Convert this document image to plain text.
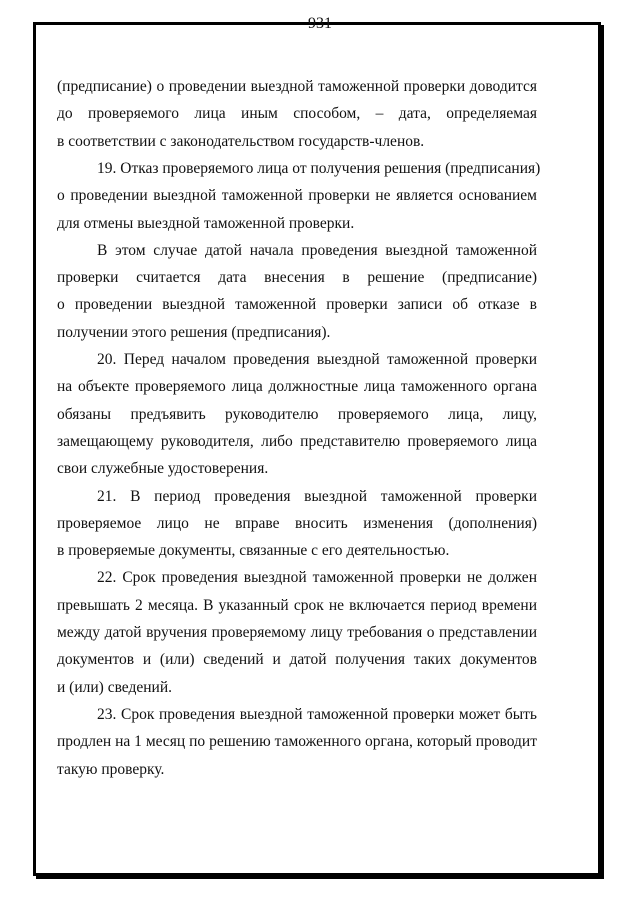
931
(предписание) о проведении выездной таможенной проверки доводится
до проверяемого лица иным способом, – дата, определяемая
в соответствии с законодательством государств-членов.
19. Отказ проверяемого лица от получения решения (предписания)
о проведении выездной таможенной проверки не является основанием
для отмены выездной таможенной проверки.
В этом случае датой начала проведения выездной таможенной
проверки считается дата внесения в решение (предписание)
о проведении выездной таможенной проверки записи об отказе в
получении этого решения (предписания).
20. Перед началом проведения выездной таможенной проверки
на объекте проверяемого лица должностные лица таможенного органа
обязаны предъявить руководителю проверяемого лица, лицу,
замещающему руководителя, либо представителю проверяемого лица
свои служебные удостоверения.
21. В период проведения выездной таможенной проверки
проверяемое лицо не вправе вносить изменения (дополнения)
в проверяемые документы, связанные с его деятельностью.
22. Срок проведения выездной таможенной проверки не должен
превышать 2 месяца. В указанный срок не включается период времени
между датой вручения проверяемому лицу требования о представлении
документов и (или) сведений и датой получения таких документов
и (или) сведений.
23. Срок проведения выездной таможенной проверки может быть
продлен на 1 месяц по решению таможенного органа, который проводит
такую проверку.
